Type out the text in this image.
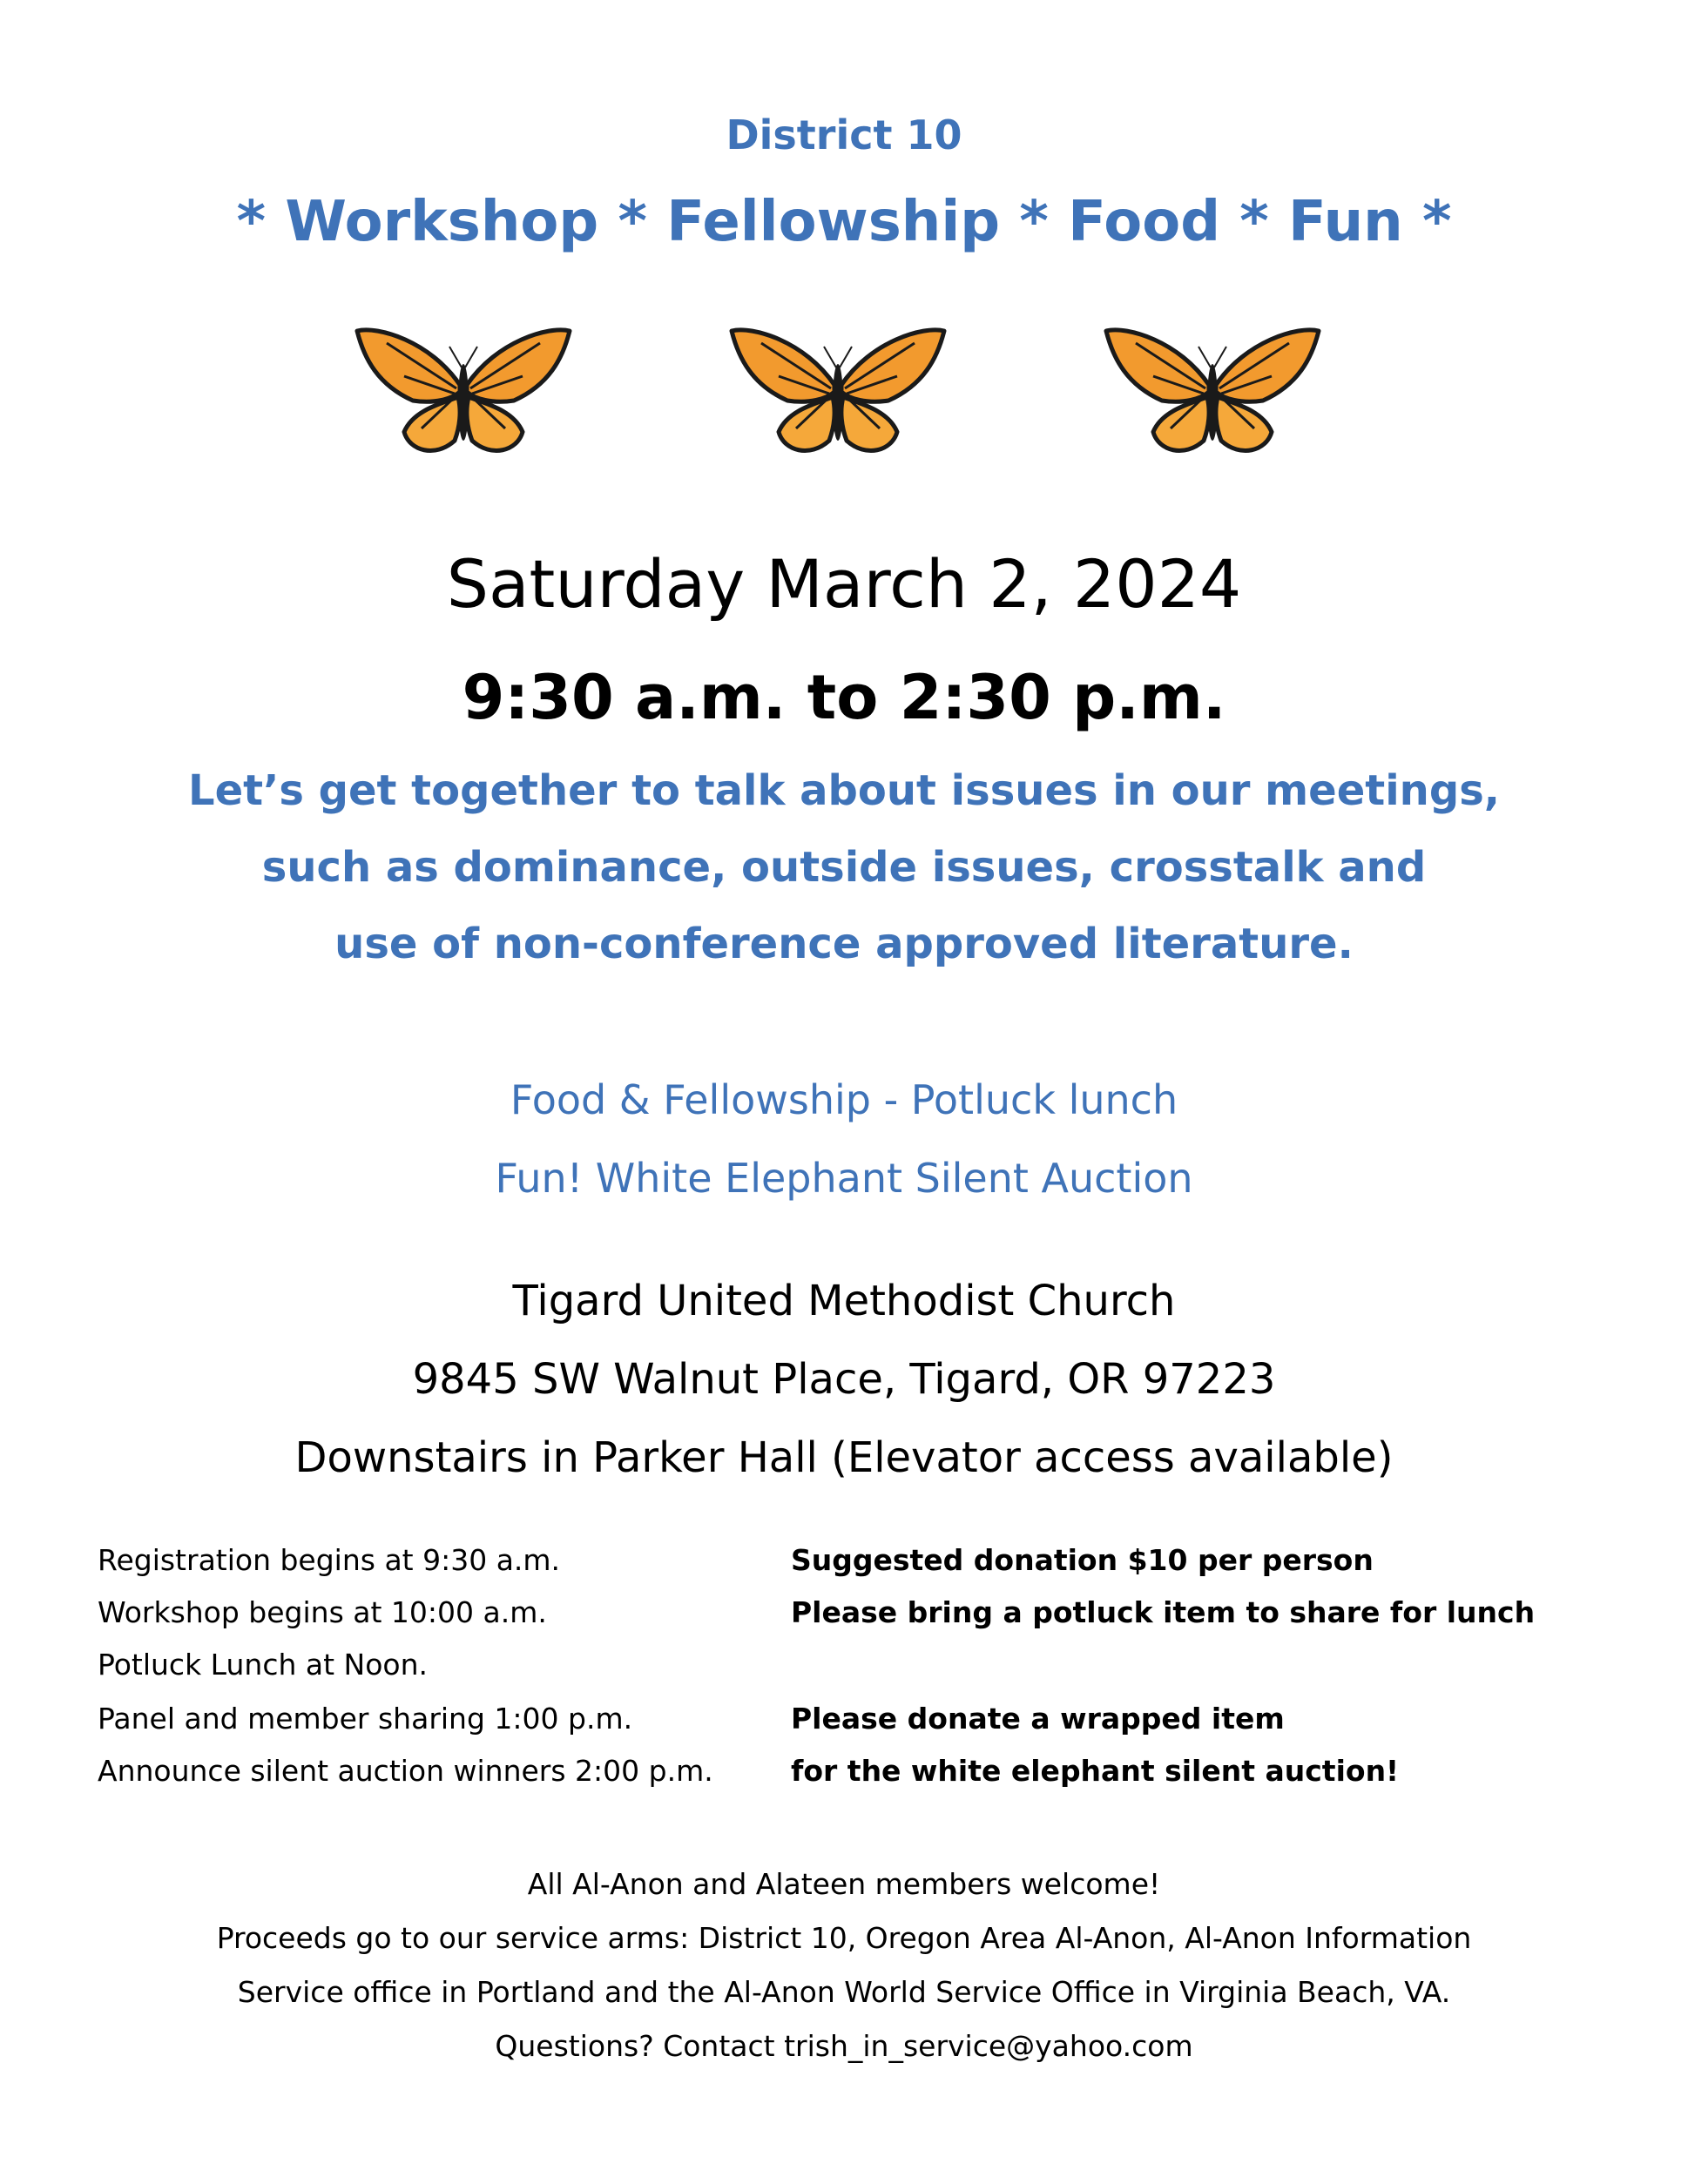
District 10
* Workshop * Fellowship * Food * Fun *
Saturday March 2, 2024
9:30 a.m. to 2:30 p.m.
Let’s get together to talk about issues in our meetings,
such as dominance, outside issues, crosstalk and
use of non-conference approved literature.
Food & Fellowship - Potluck lunch
Fun! White Elephant Silent Auction
Tigard United Methodist Church
9845 SW Walnut Place, Tigard, OR 97223
Downstairs in Parker Hall (Elevator access available)
Registration begins at 9:30 a.m.
Workshop begins at 10:00 a.m.
Potluck Lunch at Noon.
Panel and member sharing 1:00 p.m.
Announce silent auction winners 2:00 p.m.
Suggested donation $10 per person
Please bring a potluck item to share for lunch
Please donate a wrapped item
for the white elephant silent auction!
All Al-Anon and Alateen members welcome!
Proceeds go to our service arms: District 10, Oregon Area Al-Anon, Al-Anon Information
Service office in Portland and the Al-Anon World Service Office in Virginia Beach, VA.
Questions? Contact trish_in_service@yahoo.com
